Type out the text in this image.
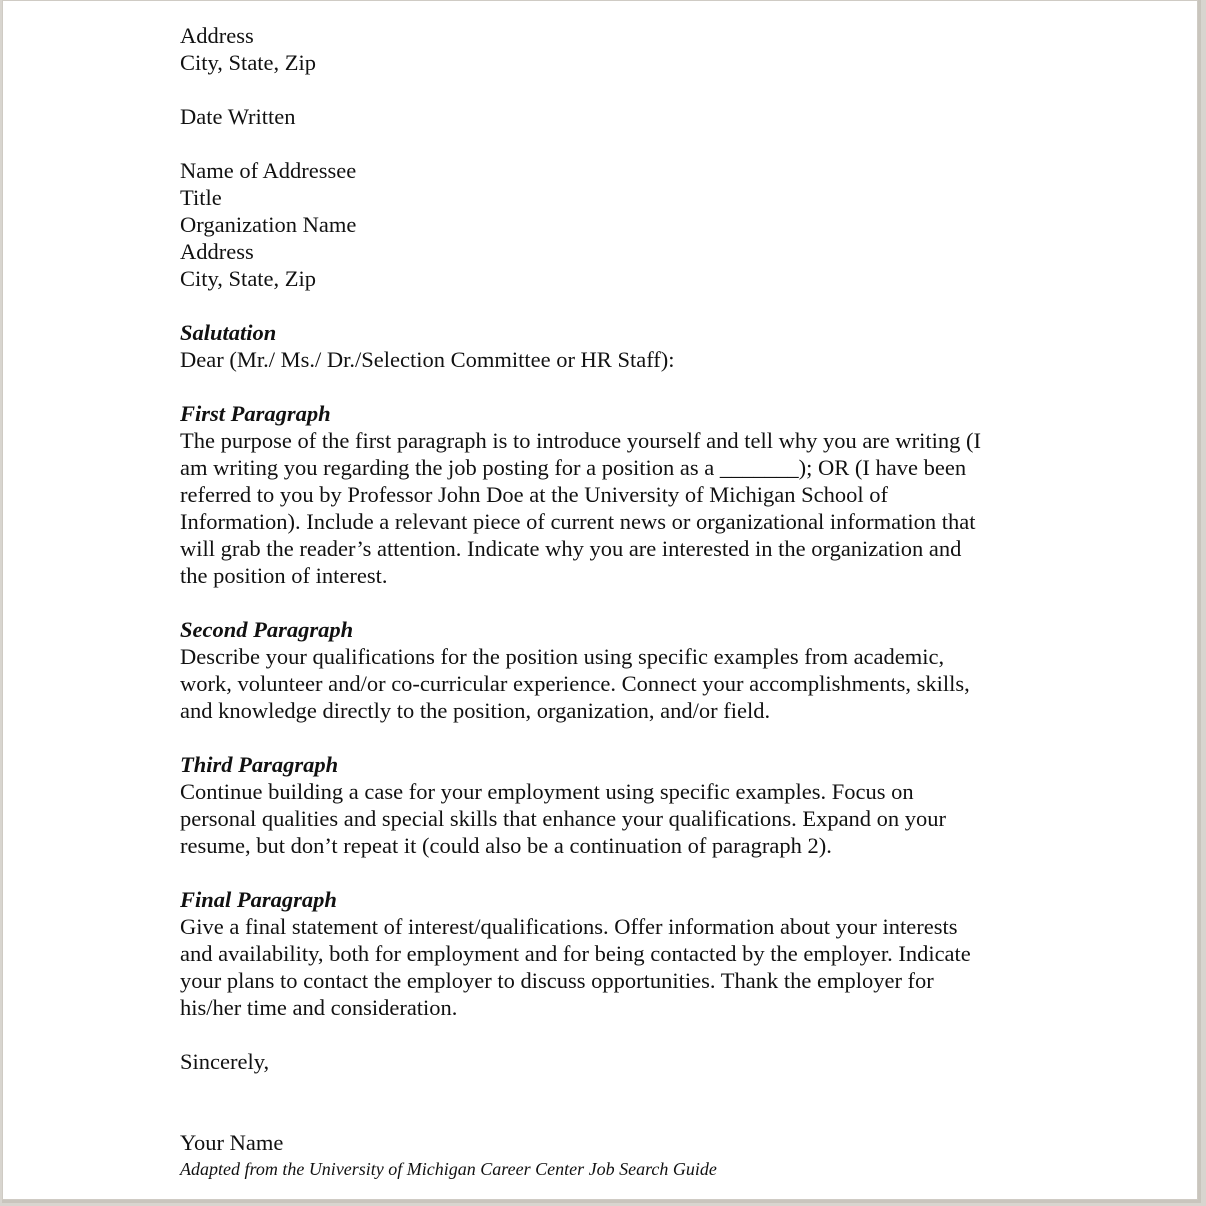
Address
City, State, Zip
Date Written
Name of Addressee
Title
Organization Name
Address
City, State, Zip
Salutation
Dear (Mr./ Ms./ Dr./Selection Committee or HR Staff):
First Paragraph
The purpose of the first paragraph is to introduce yourself and tell why you are writing (I
am writing you regarding the job posting for a position as a _______); OR (I have been
referred to you by Professor John Doe at the University of Michigan School of
Information). Include a relevant piece of current news or organizational information that
will grab the reader’s attention. Indicate why you are interested in the organization and
the position of interest.
Second Paragraph
Describe your qualifications for the position using specific examples from academic,
work, volunteer and/or co-curricular experience. Connect your accomplishments, skills,
and knowledge directly to the position, organization, and/or field.
Third Paragraph
Continue building a case for your employment using specific examples. Focus on
personal qualities and special skills that enhance your qualifications. Expand on your
resume, but don’t repeat it (could also be a continuation of paragraph 2).
Final Paragraph
Give a final statement of interest/qualifications. Offer information about your interests
and availability, both for employment and for being contacted by the employer. Indicate
your plans to contact the employer to discuss opportunities. Thank the employer for
his/her time and consideration.
Sincerely,
Your Name
Adapted from the University of Michigan Career Center Job Search Guide
